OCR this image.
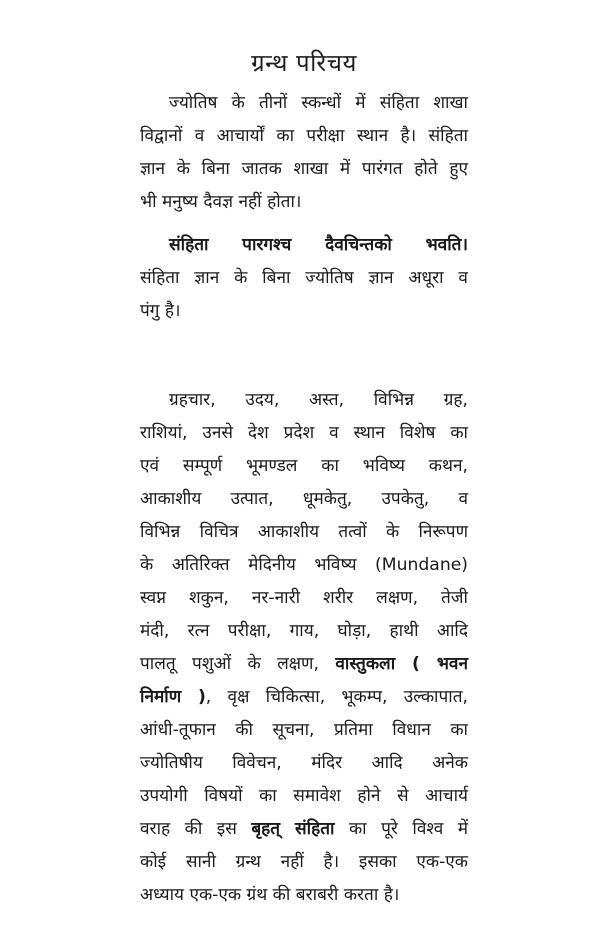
ग्रन्थ परिचय
ज्योतिष के तीनों स्कन्धों में संहिता शाखा
विद्वानों व आचार्यों का परीक्षा स्थान है। संहिता
ज्ञान के बिना जातक शाखा में पारंगत होते हुए
भी मनुष्य दैवज्ञ नहीं होता।
संहिता पारगश्च दैवचिन्तको भवति।
संहिता ज्ञान के बिना ज्योतिष ज्ञान अधूरा व
पंगु है।
ग्रहचार, उदय, अस्त, विभिन्न ग्रह,
राशियां, उनसे देश प्रदेश व स्थान विशेष का
एवं सम्पूर्ण भूमण्डल का भविष्य कथन,
आकाशीय उत्पात, धूमकेतु, उपकेतु, व
विभिन्न विचित्र आकाशीय तत्वों के निरूपण
के अतिरिक्त मेदिनीय भविष्य (Mundane)
स्वप्न शकुन, नर-नारी शरीर लक्षण, तेजी
मंदी, रत्न परीक्षा, गाय, घोड़ा, हाथी आदि
पालतू पशुओं के लक्षण, वास्तुकला ( भवन
निर्माण ), वृक्ष चिकित्सा, भूकम्प, उल्कापात,
आंधी-तूफान की सूचना, प्रतिमा विधान का
ज्योतिषीय विवेचन, मंदिर आदि अनेक
उपयोगी विषयों का समावेश होने से आचार्य
वराह की इस बृहत् संहिता का पूरे विश्व में
कोई सानी ग्रन्थ नहीं है। इसका एक-एक
अध्याय एक-एक ग्रंथ की बराबरी करता है।
